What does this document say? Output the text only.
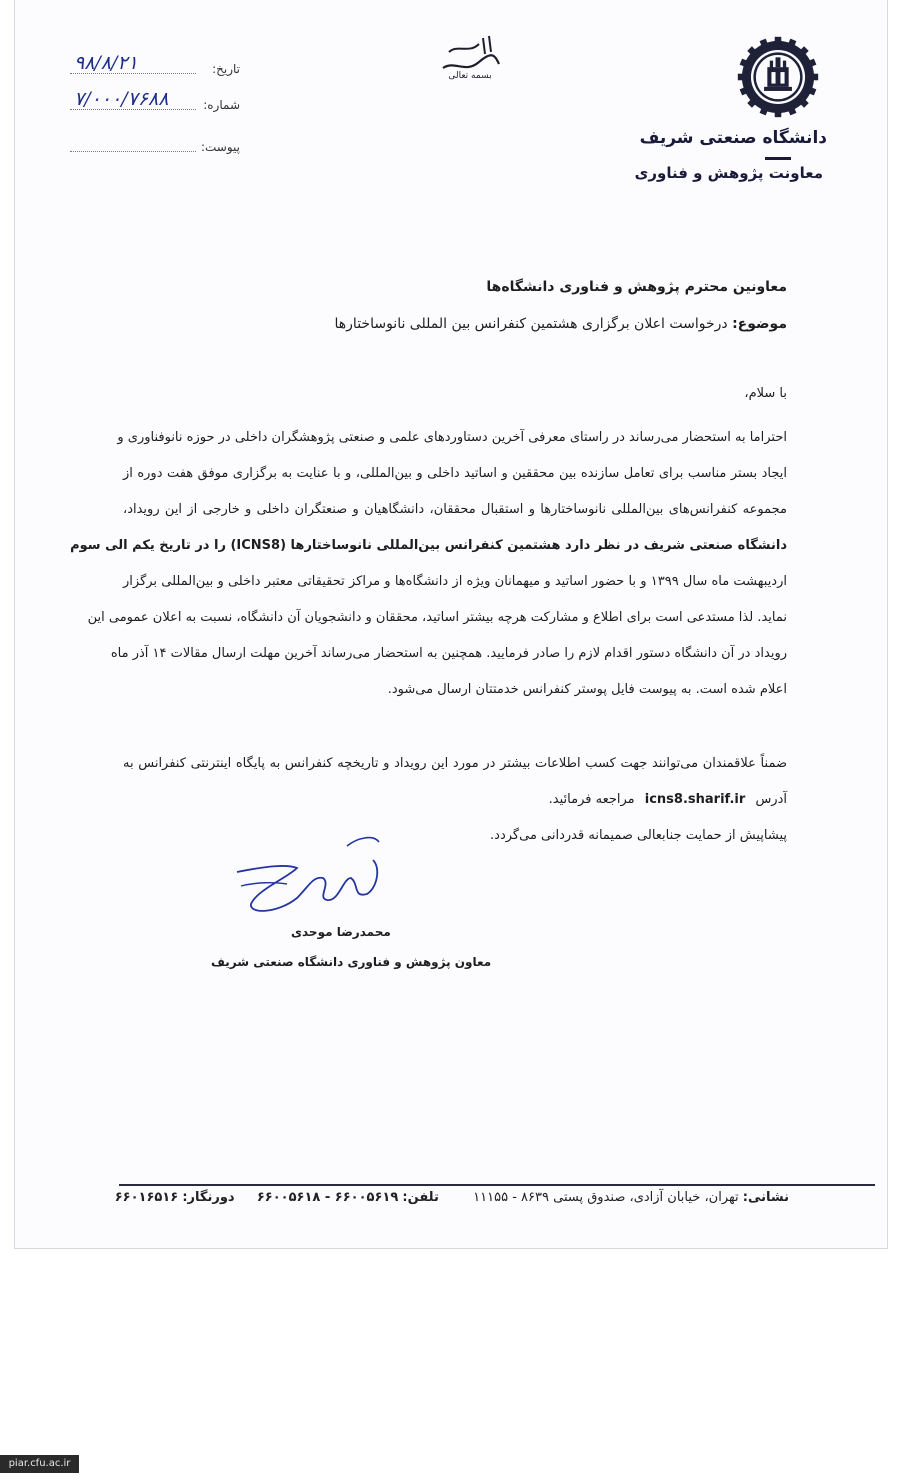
دانشگاه صنعتی شریف
معاونت پژوهش و فناوری
بسمه تعالی
۹۸/۸/۲۱	تاریخ:
۷/۰۰۰/۷۶۸۸	شماره:
پیوست:
معاونین محترم پژوهش و فناوری دانشگاه‌ها
موضوع: درخواست اعلان برگزاری هشتمین کنفرانس بین المللی نانوساختارها
با سلام،
احتراما به استحضار می‌رساند در راستای معرفی آخرین دستاوردهای علمی و صنعتی پژوهشگران داخلی در حوزه نانوفناوری و
ایجاد بستر مناسب برای تعامل سازنده بین محققین و اساتید داخلی و بین‌المللی، و با عنایت به برگزاری موفق هفت دوره از
مجموعه کنفرانس‌های بین‌المللی نانوساختارها و استقبال محققان، دانشگاهیان و صنعتگران داخلی و خارجی از این رویداد،
دانشگاه صنعتی شریف در نظر دارد هشتمین کنفرانس بین‌المللی نانوساختارها (ICNS8) را در تاریخ یکم الی سوم
اردیبهشت ماه سال ۱۳۹۹ و با حضور اساتید و میهمانان ویژه از دانشگاه‌ها و مراکز تحقیقاتی معتبر داخلی و بین‌المللی برگزار
نماید. لذا مستدعی است برای اطلاع و مشارکت هرچه بیشتر اساتید، محققان و دانشجویان آن دانشگاه، نسبت به اعلان عمومی این
رویداد در آن دانشگاه دستور اقدام لازم را صادر فرمایید. همچنین به استحضار می‌رساند آخرین مهلت ارسال مقالات ۱۴ آذر ماه
اعلام شده است. به پیوست فایل پوستر کنفرانس خدمتتان ارسال می‌شود.
ضمناً علاقمندان می‌توانند جهت کسب اطلاعات بیشتر در مورد این رویداد و تاریخچه کنفرانس به پایگاه اینترنتی کنفرانس به
آدرس icns8.sharif.ir مراجعه فرمائید.
پیشاپیش از حمایت جنابعالی صمیمانه قدردانی می‌گردد.
محمدرضا موحدی
معاون پژوهش و فناوری دانشگاه صنعتی شریف
نشانی: تهران، خیابان آزادی، صندوق پستی ۸۶۳۹ - ۱۱۱۵۵  تلفن: ۶۶۰۰۵۶۱۹ - ۶۶۰۰۵۶۱۸  دورنگار: ۶۶۰۱۶۵۱۶
piar.cfu.ac.ir
